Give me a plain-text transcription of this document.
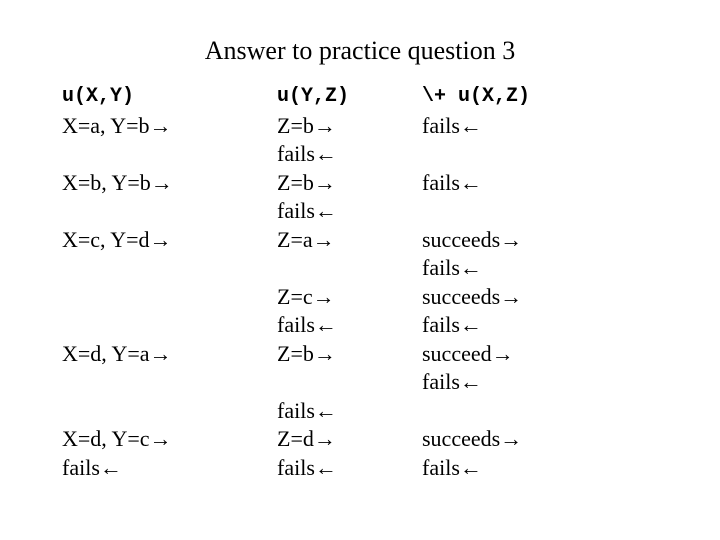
Answer to practice question 3
u(X,Y)
X=a, Y=b→
X=b, Y=b→
X=c, Y=d→
X=d, Y=a→
X=d, Y=c→
fails←
u(Y,Z)
Z=b→
fails←
Z=b→
fails←
Z=a→
Z=c→
fails←
Z=b→
fails←
Z=d→
fails←
\+ u(X,Z)
fails←
fails←
succeeds→
fails←
succeeds→
fails←
succeed→
fails←
succeeds→
fails←
